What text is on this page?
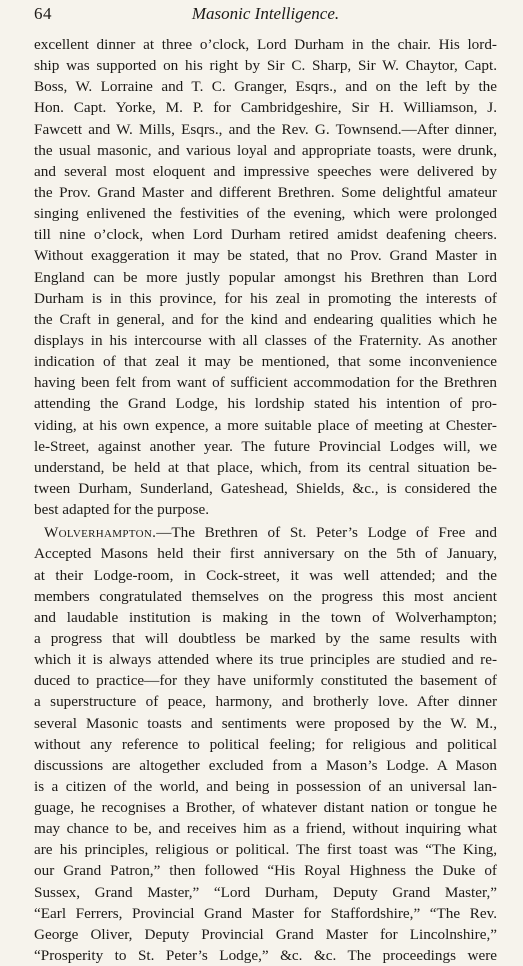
64	Masonic Intelligence.
excellent dinner at three o’clock, Lord Durham in the chair. His lord-
ship was supported on his right by Sir C. Sharp, Sir W. Chaytor, Capt.
Boss, W. Lorraine and T. C. Granger, Esqrs., and on the left by the
Hon. Capt. Yorke, M. P. for Cambridgeshire, Sir H. Williamson, J.
Fawcett and W. Mills, Esqrs., and the Rev. G. Townsend.—After dinner,
the usual masonic, and various loyal and appropriate toasts, were drunk,
and several most eloquent and impressive speeches were delivered by
the Prov. Grand Master and different Brethren. Some delightful amateur
singing enlivened the festivities of the evening, which were prolonged
till nine o’clock, when Lord Durham retired amidst deafening cheers.
Without exaggeration it may be stated, that no Prov. Grand Master in
England can be more justly popular amongst his Brethren than Lord
Durham is in this province, for his zeal in promoting the interests of
the Craft in general, and for the kind and endearing qualities which he
displays in his intercourse with all classes of the Fraternity. As another
indication of that zeal it may be mentioned, that some inconvenience
having been felt from want of sufficient accommodation for the Brethren
attending the Grand Lodge, his lordship stated his intention of pro-
viding, at his own expence, a more suitable place of meeting at Chester-
le-Street, against another year. The future Provincial Lodges will, we
understand, be held at that place, which, from its central situation be-
tween Durham, Sunderland, Gateshead, Shields, &c., is considered the
best adapted for the purpose.
Wolverhampton.—The Brethren of St. Peter’s Lodge of Free and
Accepted Masons held their first anniversary on the 5th of January,
at their Lodge-room, in Cock-street, it was well attended; and the
members congratulated themselves on the progress this most ancient
and laudable institution is making in the town of Wolverhampton;
a progress that will doubtless be marked by the same results with
which it is always attended where its true principles are studied and re-
duced to practice—for they have uniformly constituted the basement of
a superstructure of peace, harmony, and brotherly love. After dinner
several Masonic toasts and sentiments were proposed by the W. M.,
without any reference to political feeling; for religious and political
discussions are altogether excluded from a Mason’s Lodge. A Mason
is a citizen of the world, and being in possession of an universal lan-
guage, he recognises a Brother, of whatever distant nation or tongue he
may chance to be, and receives him as a friend, without inquiring what
are his principles, religious or political. The first toast was “The King,
our Grand Patron,” then followed “His Royal Highness the Duke of
Sussex, Grand Master,” “Lord Durham, Deputy Grand Master,”
“Earl Ferrers, Provincial Grand Master for Staffordshire,” “The Rev.
George Oliver, Deputy Provincial Grand Master for Lincolnshire,”
“Prosperity to St. Peter’s Lodge,” &c. &c. The proceedings were
